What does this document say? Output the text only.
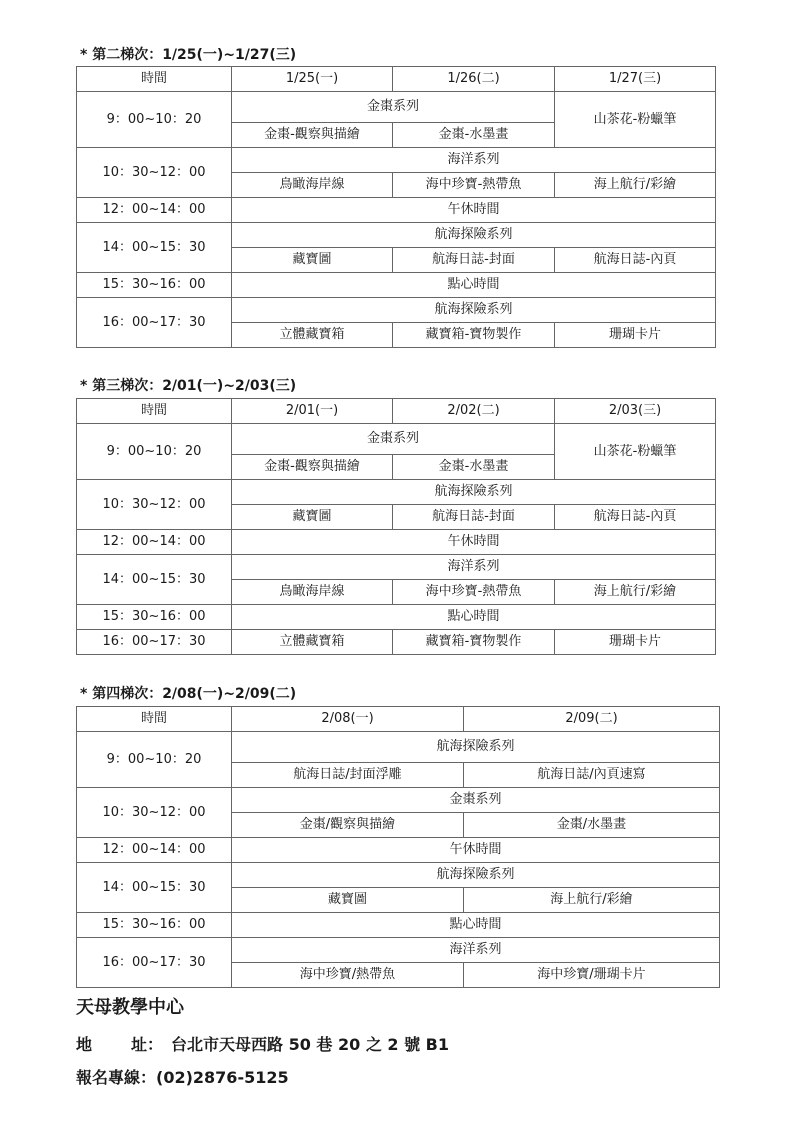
* 第二梯次：1/25(一)~1/27(三)
時間	1/25(一)	1/26(二)	1/27(三)
9：00~10：20	金棗系列		山茶花-粉蠟筆
	金棗-觀察與描繪	金棗-水墨畫	
10：30~12：00	海洋系列		
	鳥瞰海岸線	海中珍寶-熱帶魚	海上航行/彩繪
12：00~14：00	午休時間		
14：00~15：30	航海探險系列		
	藏寶圖	航海日誌-封面	航海日誌-內頁
15：30~16：00	點心時間		
16：00~17：30	航海探險系列		
	立體藏寶箱	藏寶箱-寶物製作	珊瑚卡片
* 第三梯次：2/01(一)~2/03(三)
時間	2/01(一)	2/02(二)	2/03(三)
9：00~10：20	金棗系列		山茶花-粉蠟筆
	金棗-觀察與描繪	金棗-水墨畫	
10：30~12：00	航海探險系列		
	藏寶圖	航海日誌-封面	航海日誌-內頁
12：00~14：00	午休時間		
14：00~15：30	海洋系列		
	鳥瞰海岸線	海中珍寶-熱帶魚	海上航行/彩繪
15：30~16：00	點心時間		
16：00~17：30	立體藏寶箱	藏寶箱-寶物製作	珊瑚卡片
* 第四梯次：2/08(一)~2/09(二)
時間	2/08(一)	2/09(二)
9：00~10：20	航海探險系列	
	航海日誌/封面浮雕	航海日誌/內頁速寫
10：30~12：00	金棗系列	
	金棗/觀察與描繪	金棗/水墨畫
12：00~14：00	午休時間	
14：00~15：30	航海探險系列	
	藏寶圖	海上航行/彩繪
15：30~16：00	點心時間	
16：00~17：30	海洋系列	
	海中珍寶/熱帶魚	海中珍寶/珊瑚卡片
天母教學中心
地 址： 台北市天母西路 50 巷 20 之 2 號 B1
報名專線：(02)2876-5125
